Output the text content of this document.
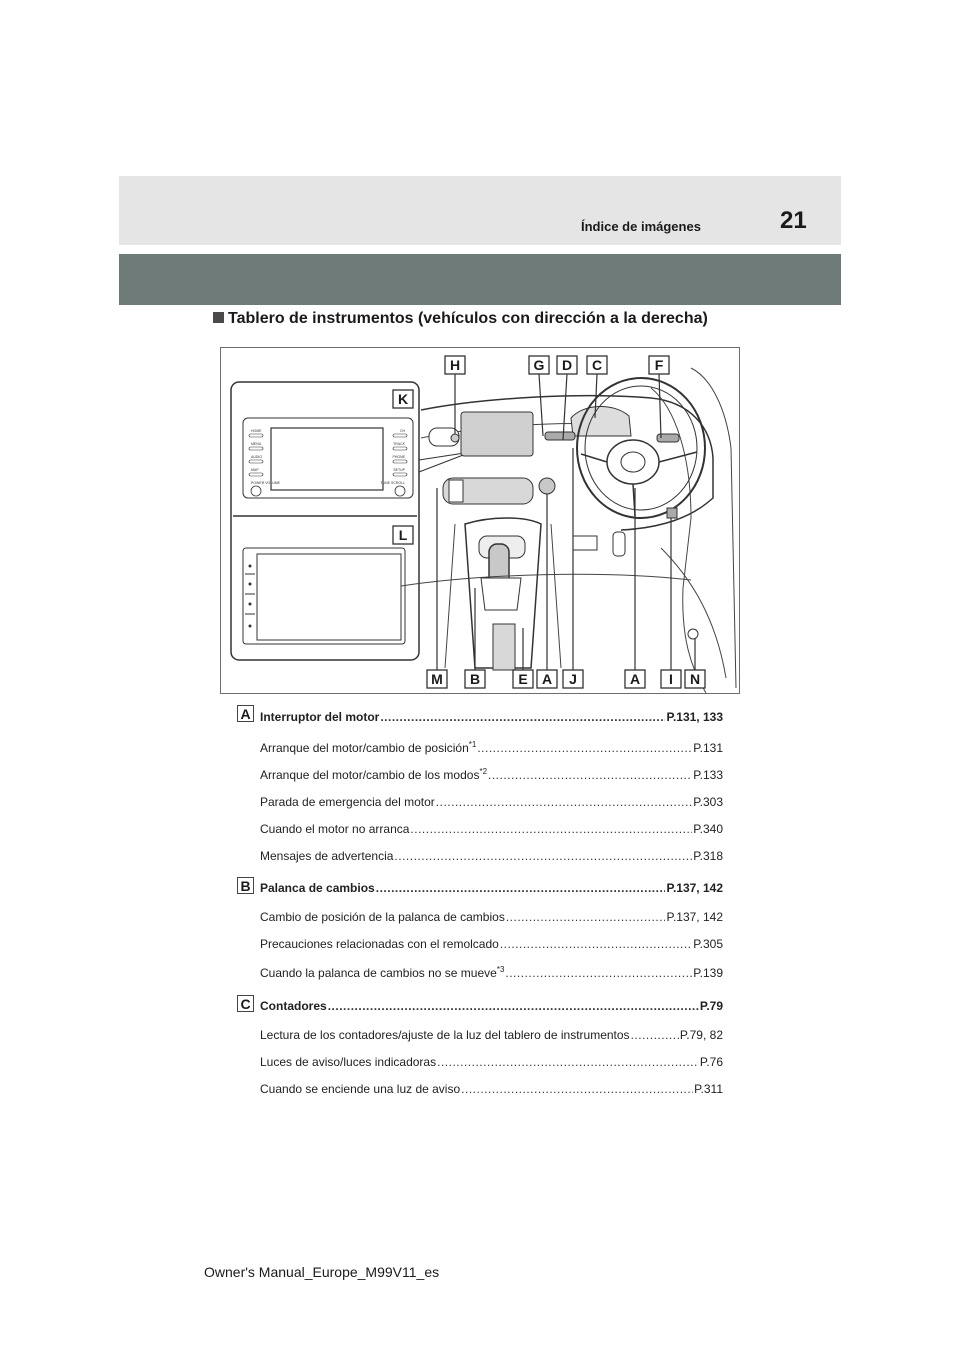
21
Índice de imágenes
Tablero de instrumentos (vehículos con dirección a la derecha)
HOME
MENU
AUDIO
MAP
POWER VOLUME
CH
TRACK
PHONE
SETUP
TUNE SCROLL
H	G D C	F
M B	E A J	A I N
K
L
A Interruptor del motor .....	P.131, 133
Arranque del motor/cambio de posición$^{*1}$ .....	P.131
Arranque del motor/cambio de los modos$^{*2}$ .....	P.133
Parada de emergencia del motor .....	P.303
Cuando el motor no arranca .....	P.340
Mensajes de advertencia .....	P.318
B Palanca de cambios .....	P.137, 142
Cambio de posición de la palanca de cambios .....	P.137, 142
Precauciones relacionadas con el remolcado .....	P.305
Cuando la palanca de cambios no se mueve$^{*3}$ .....	P.139
C Contadores .....	P.79
Lectura de los contadores/ajuste de la luz del tablero de instrumentos .....	P.79, 82
Luces de aviso/luces indicadoras .....	P.76
Cuando se enciende una luz de aviso .....	P.311
Owner's Manual_Europe_M99V11_es
